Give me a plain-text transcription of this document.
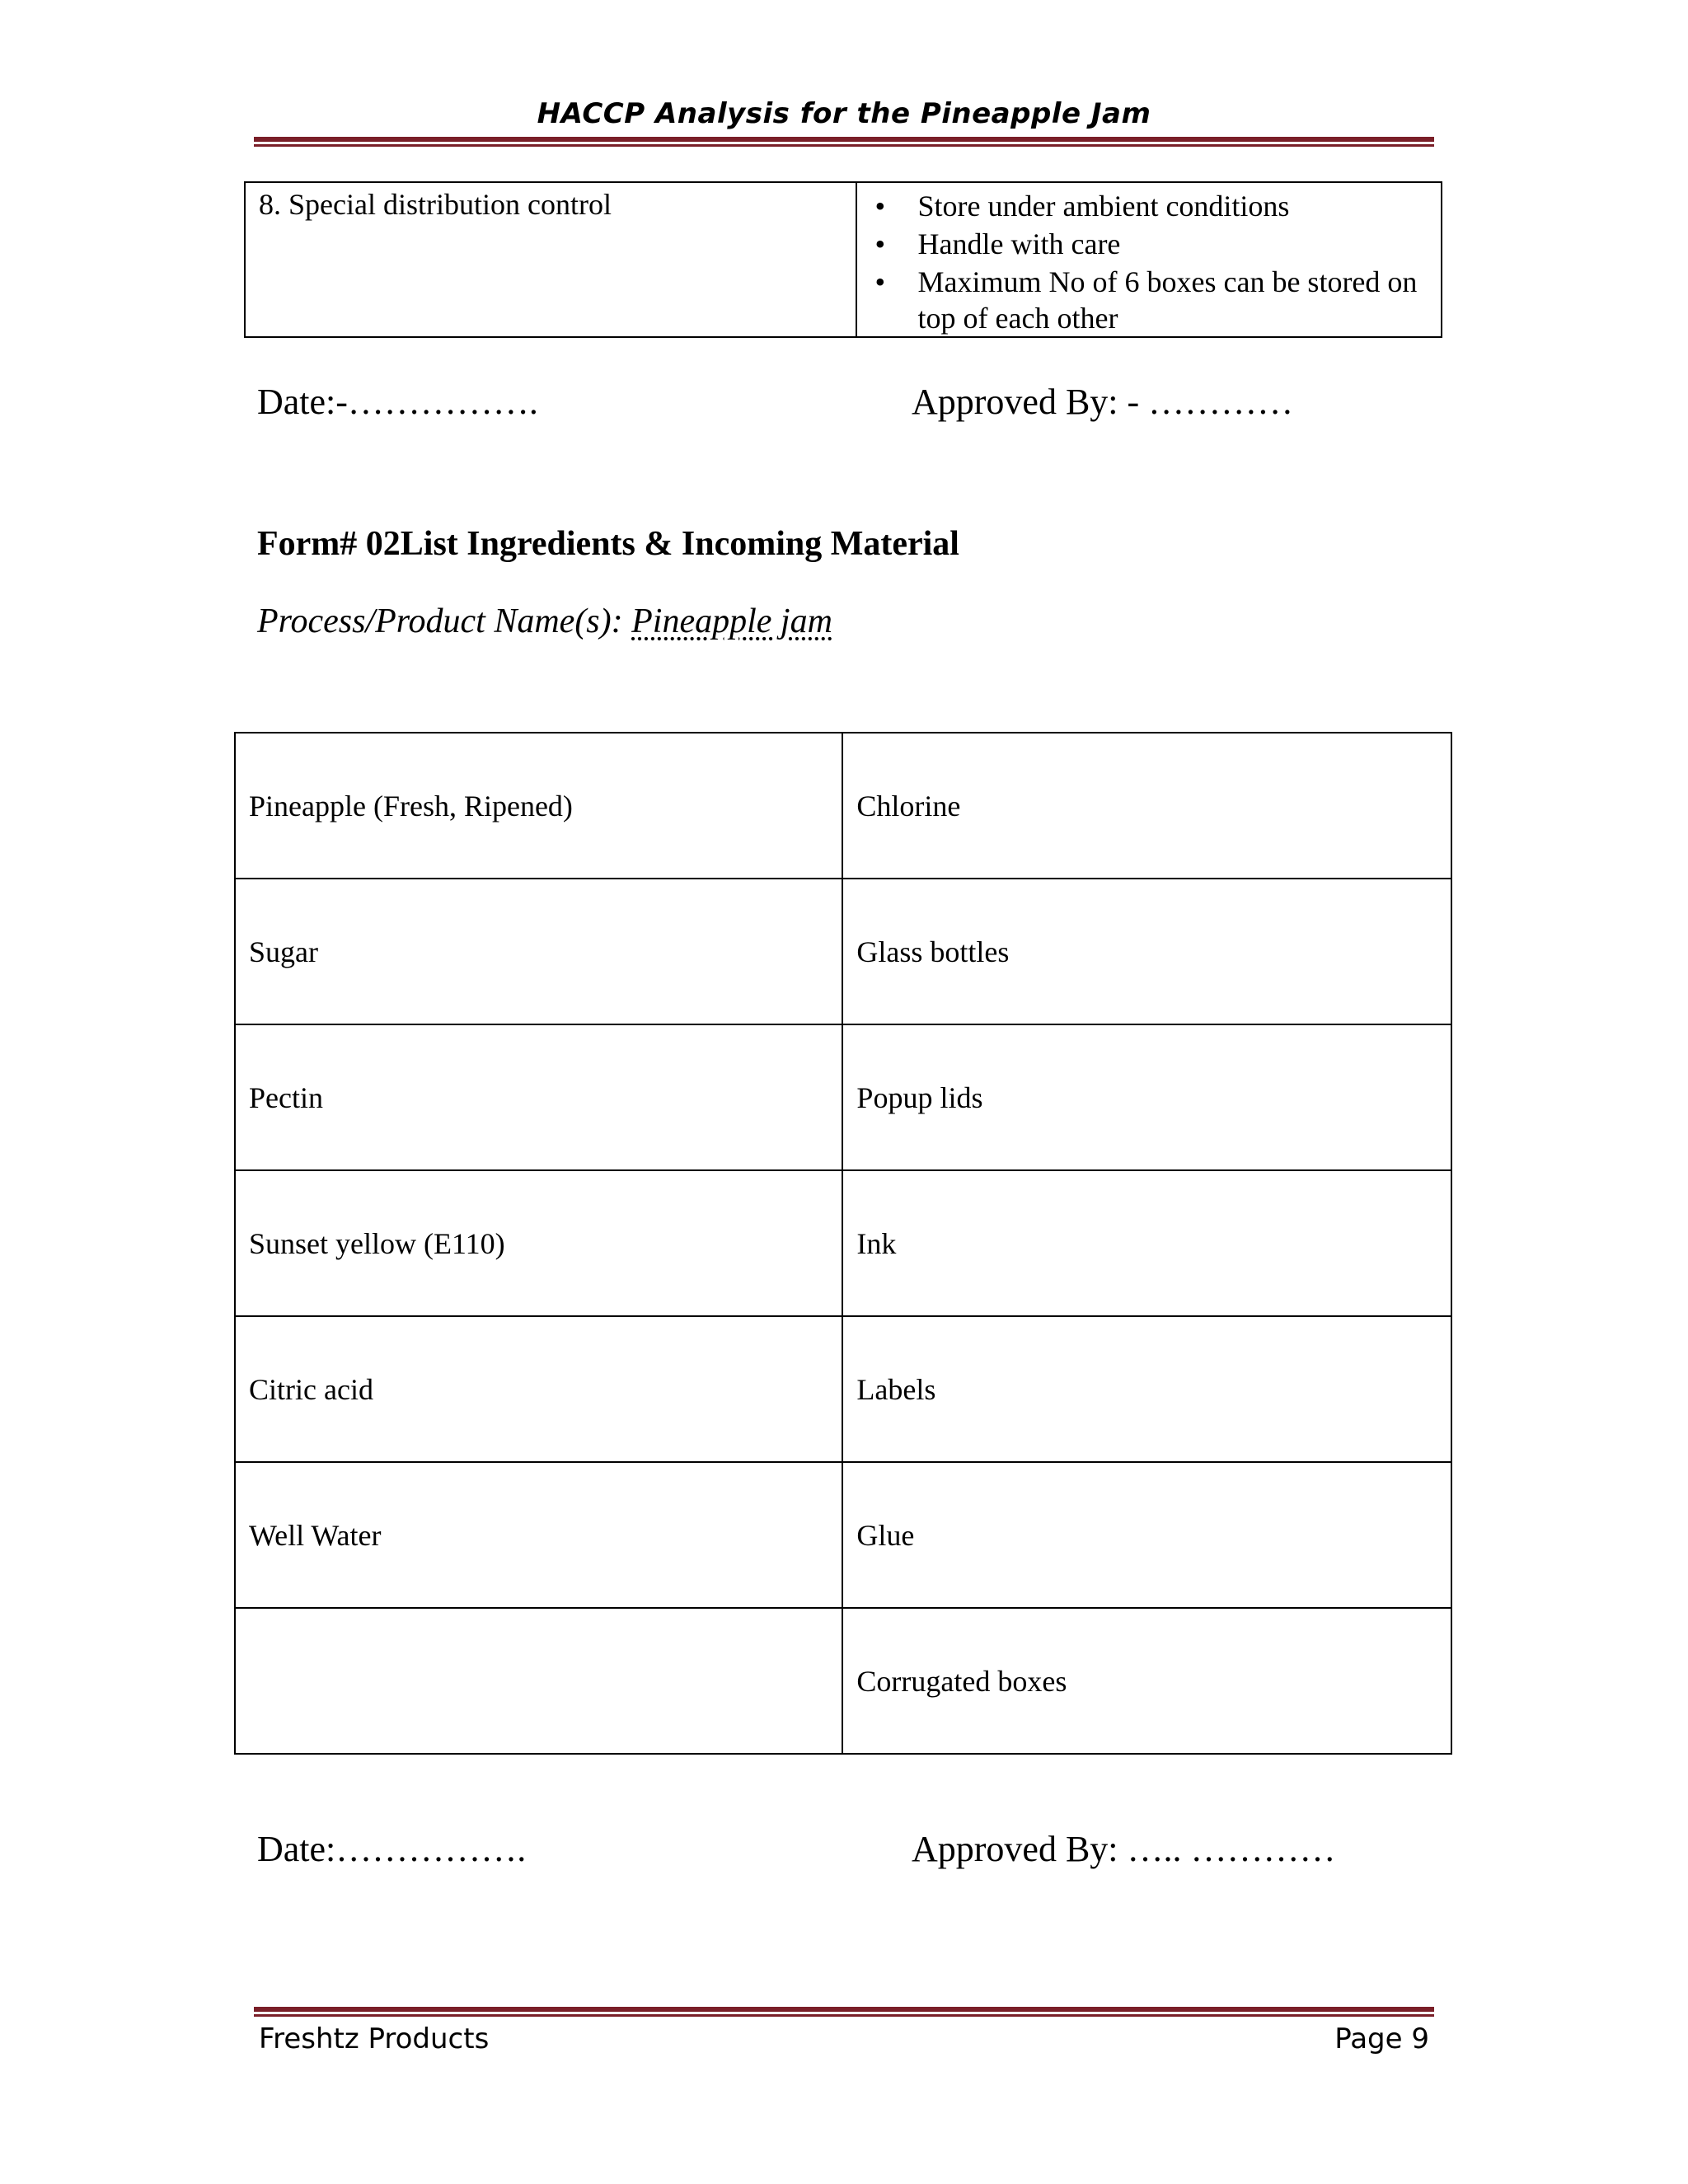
HACCP Analysis for the Pineapple Jam
8. Special distribution control	• Store under ambient conditions
• Handle with care
• Maximum No of 6 boxes can be stored on top of each other
Date:-…………….	Approved By: - …………
Form# 02List Ingredients & Incoming Material
Process/Product Name(s): Pineapple jam
Pineapple (Fresh, Ripened)	Chlorine
Sugar	Glass bottles
Pectin	Popup lids
Sunset yellow (E110)	Ink
Citric acid	Labels
Well Water	Glue
	Corrugated boxes
Date:…………….	Approved By: ….. …………
Freshtz Products	Page 9
